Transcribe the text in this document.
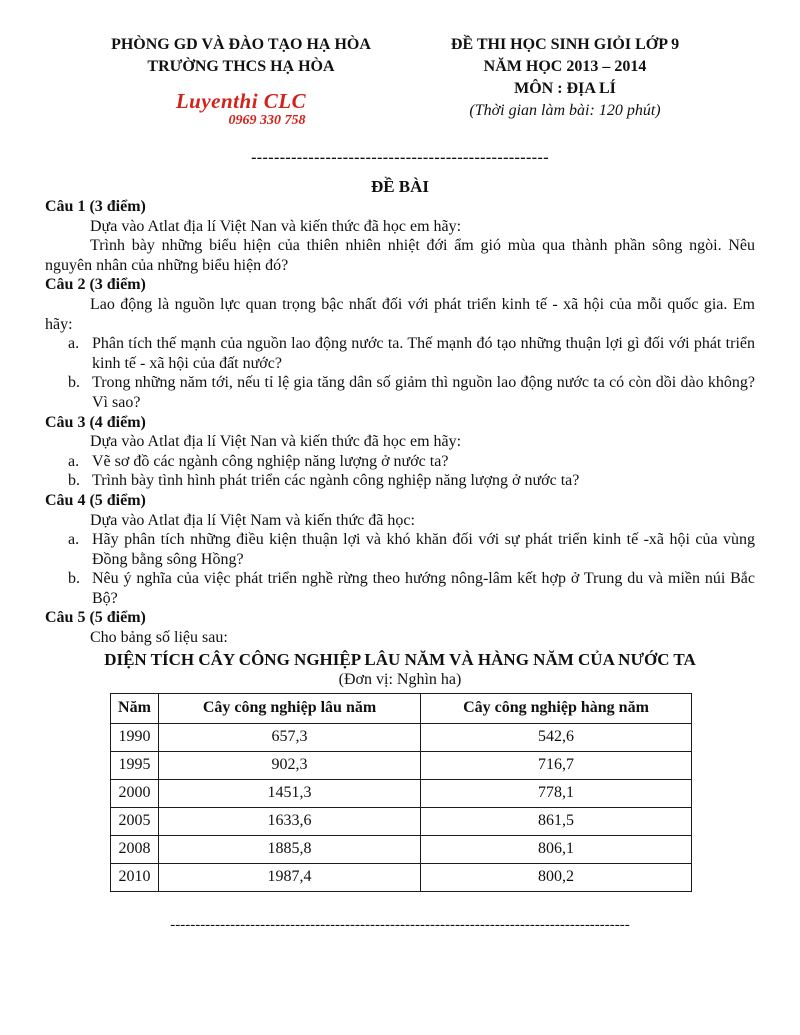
PHÒNG GD VÀ ĐÀO TẠO HẠ HÒA
TRƯỜNG THCS HẠ HÒA
Luyenthi CLC
0969 330 758
ĐỀ THI HỌC SINH GIỎI LỚP 9
NĂM HỌC 2013 – 2014
MÔN : ĐỊA LÍ
(Thời gian làm bài: 120 phút)
----------------------------------------------------
ĐỀ BÀI
Câu 1 (3 điểm)

Dựa vào Atlat địa lí Việt Nan và kiến thức đã học em hãy:

Trình bày những biểu hiện của thiên nhiên nhiệt đới ẩm gió mùa qua thành phần sông ngòi. Nêu nguyên nhân của những biểu hiện đó?

Câu 2 (3 điểm)

Lao động là nguồn lực quan trọng bậc nhất đối với phát triển kinh tế - xã hội của mỗi quốc gia. Em hãy:

a. Phân tích thế mạnh của nguồn lao động nước ta. Thế mạnh đó tạo những thuận lợi gì đối với phát triển kinh tế - xã hội của đất nước?
b. Trong những năm tới, nếu tỉ lệ gia tăng dân số giảm thì nguồn lao động nước ta có còn dồi dào không? Vì sao?
Câu 3 (4 điểm)

Dựa vào Atlat địa lí Việt Nan và kiến thức đã học em hãy:

a. Vẽ sơ đồ các ngành công nghiệp năng lượng ở nước ta?
b. Trình bày tình hình phát triển các ngành công nghiệp năng lượng ở nước ta?
Câu 4 (5 điểm)

Dựa vào Atlat địa lí Việt Nam và kiến thức đã học:

a. Hãy phân tích những điều kiện thuận lợi và khó khăn đối với sự phát triển kinh tế -xã hội của vùng Đồng bằng sông Hồng?
b. Nêu ý nghĩa của việc phát triển nghề rừng theo hướng nông-lâm kết hợp ở Trung du và miền núi Bắc Bộ?
Câu 5 (5 điểm)

Cho bảng số liệu sau:

DIỆN TÍCH CÂY CÔNG NGHIỆP LÂU NĂM VÀ HÀNG NĂM CỦA NƯỚC TA
(Đơn vị: Nghìn ha)
Năm	Cây công nghiệp lâu năm	Cây công nghiệp hàng năm
1990	657,3	542,6
1995	902,3	716,7
2000	1451,3	778,1
2005	1633,6	861,5
2008	1885,8	806,1
2010	1987,4	800,2
--------------------------------------------------------------------------------------------
